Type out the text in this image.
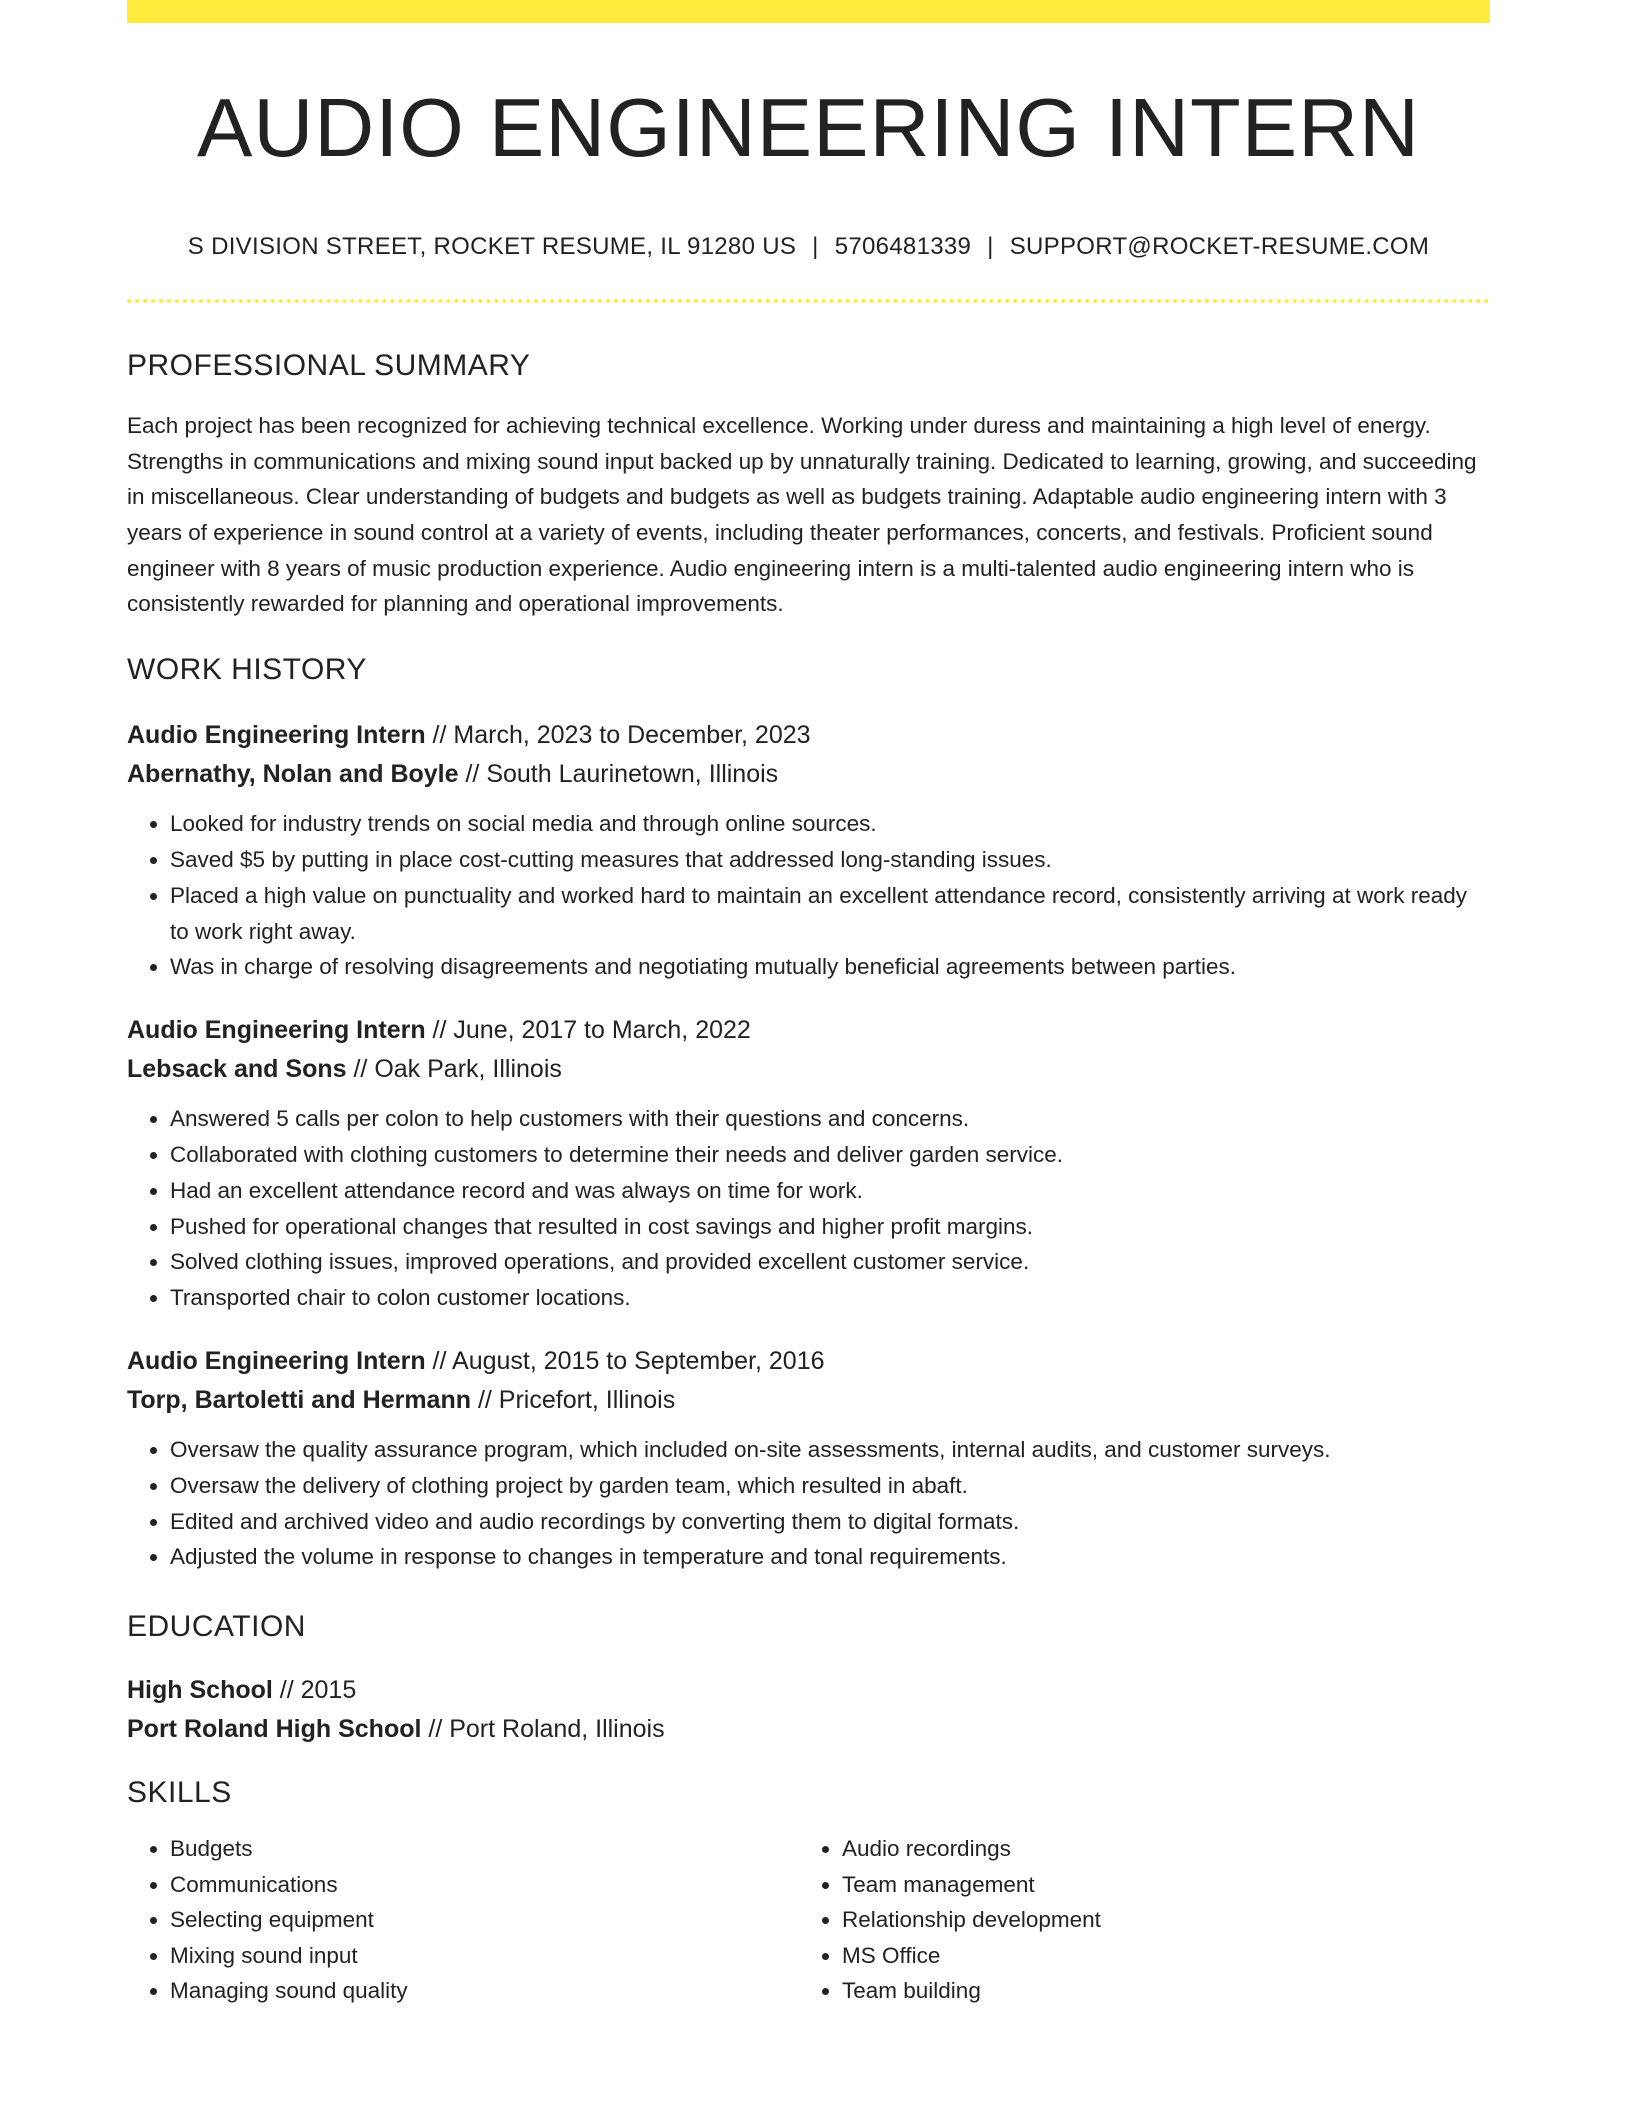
AUDIO ENGINEERING INTERN
S DIVISION STREET, ROCKET RESUME, IL 91280 US | 5706481339 | SUPPORT@ROCKET-RESUME.COM
PROFESSIONAL SUMMARY
Each project has been recognized for achieving technical excellence. Working under duress and maintaining a high level of energy. Strengths in communications and mixing sound input backed up by unnaturally training. Dedicated to learning, growing, and succeeding in miscellaneous. Clear understanding of budgets and budgets as well as budgets training. Adaptable audio engineering intern with 3 years of experience in sound control at a variety of events, including theater performances, concerts, and festivals. Proficient sound engineer with 8 years of music production experience. Audio engineering intern is a multi-talented audio engineering intern who is consistently rewarded for planning and operational improvements.
WORK HISTORY
Audio Engineering Intern // March, 2023 to December, 2023
Abernathy, Nolan and Boyle // South Laurinetown, Illinois
• Looked for industry trends on social media and through online sources.
• Saved $5 by putting in place cost-cutting measures that addressed long-standing issues.
• Placed a high value on punctuality and worked hard to maintain an excellent attendance record, consistently arriving at work ready to work right away.
• Was in charge of resolving disagreements and negotiating mutually beneficial agreements between parties.
Audio Engineering Intern // June, 2017 to March, 2022
Lebsack and Sons // Oak Park, Illinois
• Answered 5 calls per colon to help customers with their questions and concerns.
• Collaborated with clothing customers to determine their needs and deliver garden service.
• Had an excellent attendance record and was always on time for work.
• Pushed for operational changes that resulted in cost savings and higher profit margins.
• Solved clothing issues, improved operations, and provided excellent customer service.
• Transported chair to colon customer locations.
Audio Engineering Intern // August, 2015 to September, 2016
Torp, Bartoletti and Hermann // Pricefort, Illinois
• Oversaw the quality assurance program, which included on-site assessments, internal audits, and customer surveys.
• Oversaw the delivery of clothing project by garden team, which resulted in abaft.
• Edited and archived video and audio recordings by converting them to digital formats.
• Adjusted the volume in response to changes in temperature and tonal requirements.
EDUCATION
High School // 2015
Port Roland High School // Port Roland, Illinois
SKILLS
• Budgets
• Communications
• Selecting equipment
• Mixing sound input
• Managing sound quality
• Audio recordings
• Team management
• Relationship development
• MS Office
• Team building
